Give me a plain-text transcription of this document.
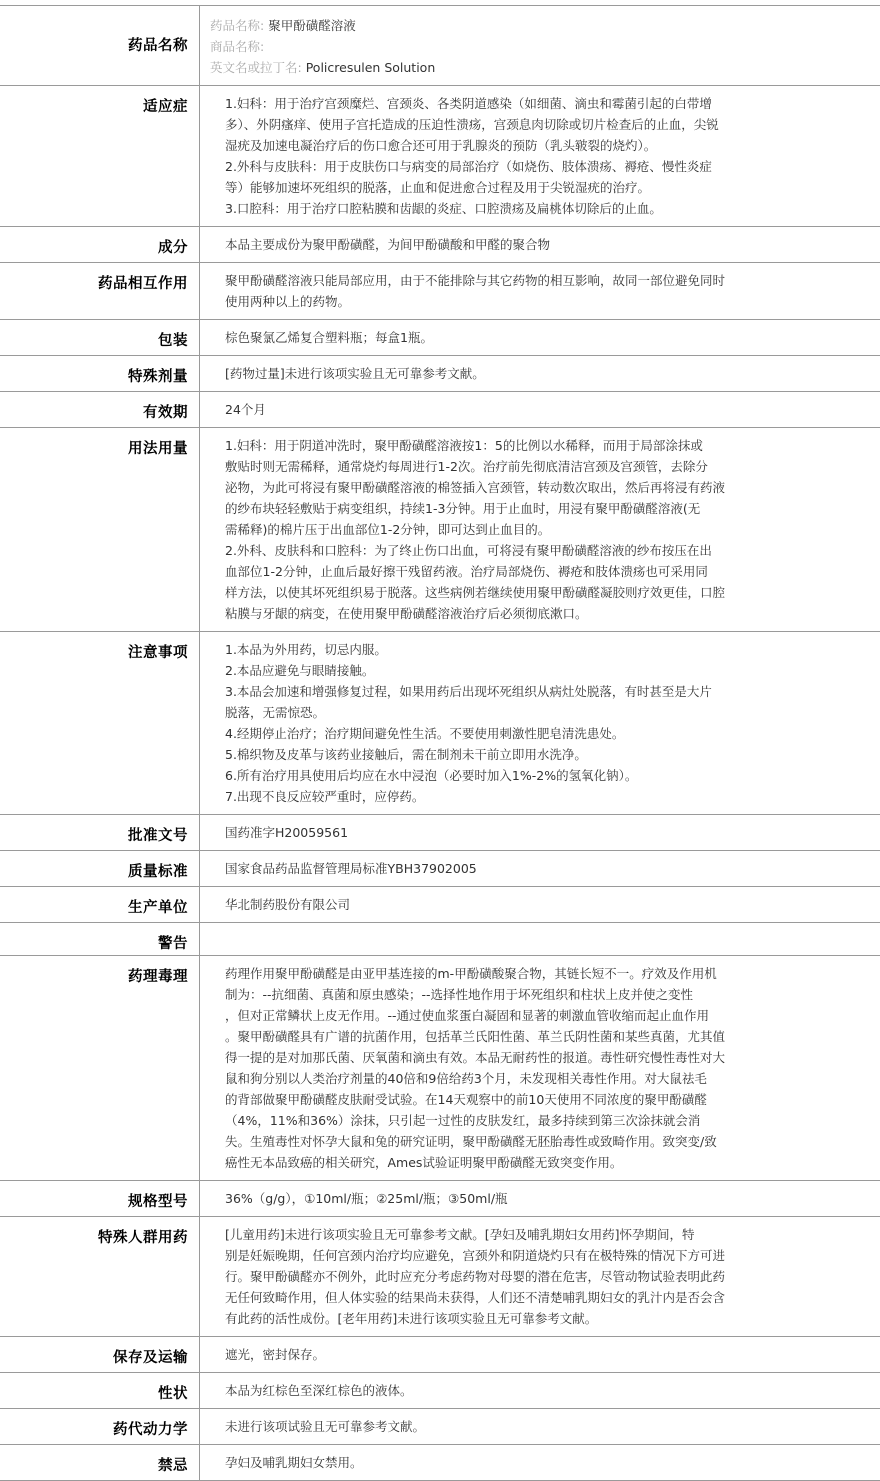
药品名称
药品名称: 聚甲酚磺醛溶液
商品名称:
英文名或拉丁名: Policresulen Solution
适应症	1.妇科：用于治疗宫颈糜烂、宫颈炎、各类阴道感染（如细菌、滴虫和霉菌引起的白带增
多）、外阴瘙痒、使用子宫托造成的压迫性溃疡，宫颈息肉切除或切片检查后的止血，尖锐
湿疣及加速电凝治疗后的伤口愈合还可用于乳腺炎的预防（乳头皲裂的烧灼）。
2.外科与皮肤科：用于皮肤伤口与病变的局部治疗（如烧伤、肢体溃疡、褥疮、慢性炎症
等）能够加速坏死组织的脱落，止血和促进愈合过程及用于尖锐湿疣的治疗。
3.口腔科：用于治疗口腔粘膜和齿龈的炎症、口腔溃疡及扁桃体切除后的止血。
成分	本品主要成份为聚甲酚磺醛，为间甲酚磺酸和甲醛的聚合物
药品相互作用	聚甲酚磺醛溶液只能局部应用，由于不能排除与其它药物的相互影响，故同一部位避免同时
使用两种以上的药物。
包装	棕色聚氯乙烯复合塑料瓶；每盒1瓶。
特殊剂量	[药物过量]未进行该项实验且无可靠参考文献。
有效期	24个月
用法用量	1.妇科：用于阴道冲洗时，聚甲酚磺醛溶液按1：5的比例以水稀释，而用于局部涂抹或
敷贴时则无需稀释，通常烧灼每周进行1-2次。治疗前先彻底清洁宫颈及宫颈管，去除分
泌物，为此可将浸有聚甲酚磺醛溶液的棉签插入宫颈管，转动数次取出，然后再将浸有药液
的纱布块轻轻敷贴于病变组织，持续1-3分钟。用于止血时，用浸有聚甲酚磺醛溶液(无
需稀释)的棉片压于出血部位1-2分钟，即可达到止血目的。
2.外科、皮肤科和口腔科：为了终止伤口出血，可将浸有聚甲酚磺醛溶液的纱布按压在出
血部位1-2分钟，止血后最好擦干残留药液。治疗局部烧伤、褥疮和肢体溃疡也可采用同
样方法，以使其坏死组织易于脱落。这些病例若继续使用聚甲酚磺醛凝胶则疗效更佳，口腔
粘膜与牙龈的病变，在使用聚甲酚磺醛溶液治疗后必须彻底漱口。
注意事项	1.本品为外用药，切忌内服。
2.本品应避免与眼睛接触。
3.本品会加速和增强修复过程，如果用药后出现坏死组织从病灶处脱落，有时甚至是大片
脱落，无需惊恐。
4.经期停止治疗；治疗期间避免性生活。不要使用刺激性肥皂清洗患处。
5.棉织物及皮革与该药业接触后，需在制剂未干前立即用水洗净。
6.所有治疗用具使用后均应在水中浸泡（必要时加入1%-2%的氢氧化钠）。
7.出现不良反应较严重时，应停药。
批准文号	国药准字H20059561
质量标准	国家食品药品监督管理局标准YBH37902005
生产单位	华北制药股份有限公司
警告
药理毒理	药理作用聚甲酚磺醛是由亚甲基连接的m-甲酚磺酸聚合物，其链长短不一。疗效及作用机
制为：--抗细菌、真菌和原虫感染；--选择性地作用于坏死组织和柱状上皮并使之变性
，但对正常鳞状上皮无作用。--通过使血浆蛋白凝固和显著的刺激血管收缩而起止血作用
。聚甲酚磺醛具有广谱的抗菌作用，包括革兰氏阳性菌、革兰氏阴性菌和某些真菌，尤其值
得一提的是对加那氏菌、厌氧菌和滴虫有效。本品无耐药性的报道。毒性研究慢性毒性对大
鼠和狗分别以人类治疗剂量的40倍和9倍给药3个月，未发现相关毒性作用。对大鼠祛毛
的背部做聚甲酚磺醛皮肤耐受试验。在14天观察中的前10天使用不同浓度的聚甲酚磺醛
（4%，11%和36%）涂抹，只引起一过性的皮肤发红，最多持续到第三次涂抹就会消
失。生殖毒性对怀孕大鼠和兔的研究证明，聚甲酚磺醛无胚胎毒性或致畸作用。致突变/致
癌性无本品致癌的相关研究，Ames试验证明聚甲酚磺醛无致突变作用。
规格型号	36%（g/g），①10ml/瓶；②25ml/瓶；③50ml/瓶
特殊人群用药	[儿童用药]未进行该项实验且无可靠参考文献。[孕妇及哺乳期妇女用药]怀孕期间，特
别是妊娠晚期，任何宫颈内治疗均应避免，宫颈外和阴道烧灼只有在极特殊的情况下方可进
行。聚甲酚磺醛亦不例外，此时应充分考虑药物对母婴的潜在危害，尽管动物试验表明此药
无任何致畸作用，但人体实验的结果尚未获得，人们还不清楚哺乳期妇女的乳汁内是否会含
有此药的活性成份。[老年用药]未进行该项实验且无可靠参考文献。
保存及运输	遮光，密封保存。
性状	本品为红棕色至深红棕色的液体。
药代动力学	未进行该项试验且无可靠参考文献。
禁忌	孕妇及哺乳期妇女禁用。
